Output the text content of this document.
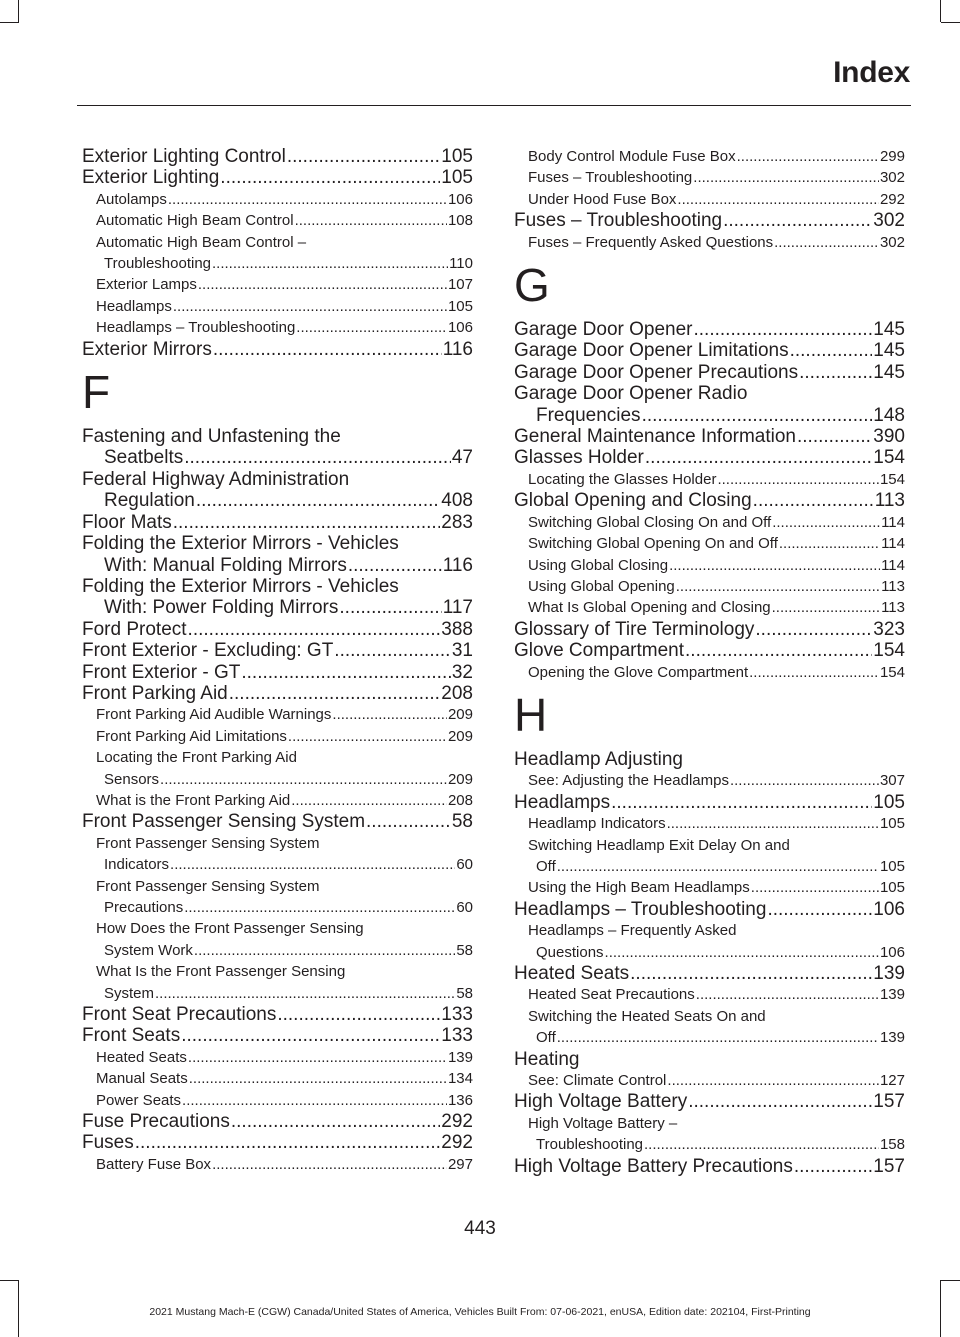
Index
Exterior Lighting Control .....	105
Exterior Lighting .....	105
Autolamps .....	106
Automatic High Beam Control .....	108
Automatic High Beam Control –
Troubleshooting .....	110
Exterior Lamps .....	107
Headlamps .....	105
Headlamps – Troubleshooting .....	106
Exterior Mirrors .....	116
F
Fastening and Unfastening the
Seatbelts .....	47
Federal Highway Administration
Regulation .....	408
Floor Mats .....	283
Folding the Exterior Mirrors - Vehicles
With: Manual Folding Mirrors .....	116
Folding the Exterior Mirrors - Vehicles
With: Power Folding Mirrors .....	117
Ford Protect .....	388
Front Exterior - Excluding: GT .....	31
Front Exterior - GT .....	32
Front Parking Aid .....	208
Front Parking Aid Audible Warnings .....	209
Front Parking Aid Limitations .....	209
Locating the Front Parking Aid
Sensors .....	209
What is the Front Parking Aid .....	208
Front Passenger Sensing System .....	58
Front Passenger Sensing System
Indicators .....	60
Front Passenger Sensing System
Precautions .....	60
How Does the Front Passenger Sensing
System Work .....	58
What Is the Front Passenger Sensing
System .....	58
Front Seat Precautions .....	133
Front Seats .....	133
Heated Seats .....	139
Manual Seats .....	134
Power Seats .....	136
Fuse Precautions .....	292
Fuses .....	292
Battery Fuse Box .....	297
Body Control Module Fuse Box .....	299
Fuses – Troubleshooting .....	302
Under Hood Fuse Box .....	292
Fuses – Troubleshooting .....	302
Fuses – Frequently Asked Questions .....	302
G
Garage Door Opener .....	145
Garage Door Opener Limitations .....	145
Garage Door Opener Precautions .....	145
Garage Door Opener Radio
Frequencies .....	148
General Maintenance Information .....	390
Glasses Holder .....	154
Locating the Glasses Holder .....	154
Global Opening and Closing .....	113
Switching Global Closing On and Off .....	114
Switching Global Opening On and Off .....	114
Using Global Closing .....	114
Using Global Opening .....	113
What Is Global Opening and Closing .....	113
Glossary of Tire Terminology .....	323
Glove Compartment .....	154
Opening the Glove Compartment .....	154
H
Headlamp Adjusting
See: Adjusting the Headlamps .....	307
Headlamps .....	105
Headlamp Indicators .....	105
Switching Headlamp Exit Delay On and
Off .....	105
Using the High Beam Headlamps .....	105
Headlamps – Troubleshooting .....	106
Headlamps – Frequently Asked
Questions .....	106
Heated Seats .....	139
Heated Seat Precautions .....	139
Switching the Heated Seats On and
Off .....	139
Heating
See: Climate Control .....	127
High Voltage Battery .....	157
High Voltage Battery –
Troubleshooting .....	158
High Voltage Battery Precautions .....	157
443
2021 Mustang Mach-E (CGW) Canada/United States of America, Vehicles Built From: 07-06-2021, enUSA, Edition date: 202104, First-Printing
